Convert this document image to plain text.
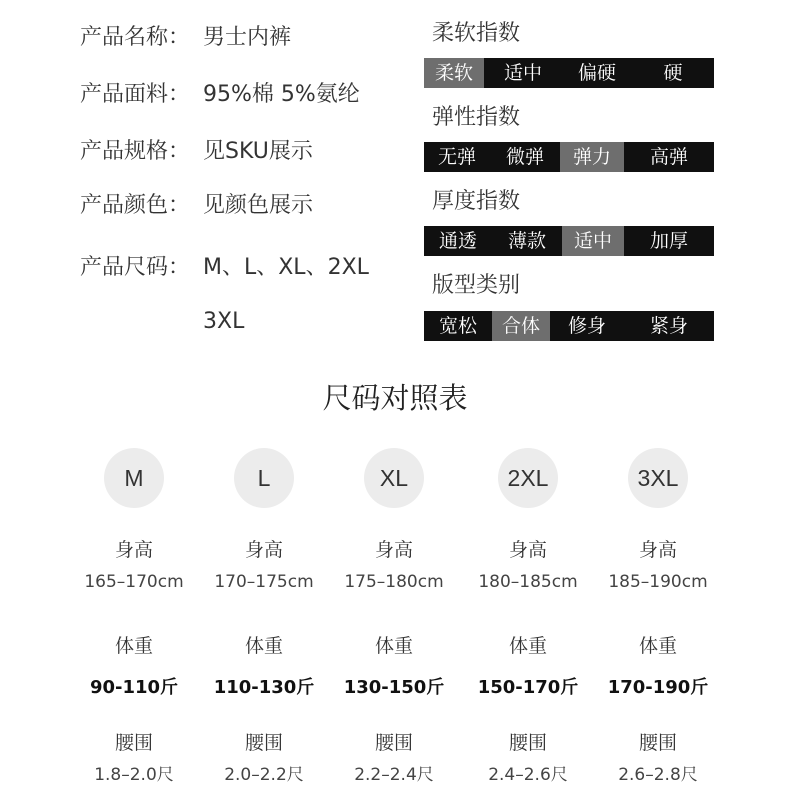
产品名称： 男士内裤
产品面料： 95%棉 5%氨纶
产品规格： 见SKU展示
产品颜色： 见颜色展示
产品尺码： M、L、XL、2XL
3XL
柔软指数
柔软	适中	偏硬	硬
弹性指数
无弹	微弹	弹力	高弹
厚度指数
通透	薄款	适中	加厚
版型类别
宽松	合体	修身	紧身
尺码对照表
M
身高
165–170cm
体重
90-110斤
腰围
1.8–2.0尺
L
身高
170–175cm
体重
110-130斤
腰围
2.0–2.2尺
XL
身高
175–180cm
体重
130-150斤
腰围
2.2–2.4尺
2XL
身高
180–185cm
体重
150-170斤
腰围
2.4–2.6尺
3XL
身高
185–190cm
体重
170-190斤
腰围
2.6–2.8尺
